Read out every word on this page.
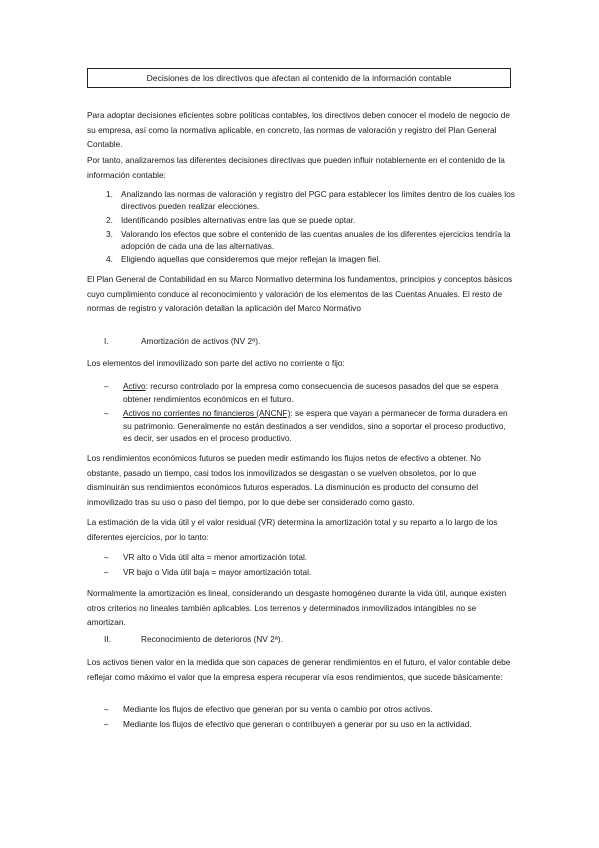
Decisiones de los directivos que afectan al contenido de la información contable

Para adoptar decisiones eficientes sobre políticas contables, los directivos deben conocer el modelo de negocio de su empresa, así como la normativa aplicable, en concreto, las normas de valoración y registro del Plan General Contable.

Por tanto, analizaremos las diferentes decisiones directivas que pueden influir notablemente en el contenido de la información contable:

1. Analizando las normas de valoración y registro del PGC para establecer los límites dentro de los cuales los directivos pueden realizar elecciones.
2. Identificando posibles alternativas entre las que se puede optar.
3. Valorando los efectos que sobre el contenido de las cuentas anuales de los diferentes ejercicios tendría la adopción de cada una de las alternativas.
4. Eligiendo aquellas que consideremos que mejor reflejan la imagen fiel.

El Plan General de Contabilidad en su Marco Normativo determina los fundamentos, principios y conceptos básicos cuyo cumplimiento conduce al reconocimiento y valoración de los elementos de las Cuentas Anuales. El resto de normas de registro y valoración detallan la aplicación del Marco Normativo

I.	Amortización de activos (NV 2ª).

Los elementos del inmovilizado son parte del activo no corriente o fijo:

– Activo: recurso controlado por la empresa como consecuencia de sucesos pasados del que se espera obtener rendimientos económicos en el futuro.
– Activos no corrientes no financieros (ANCNF): se espera que vayan a permanecer de forma duradera en su patrimonio. Generalmente no están destinados a ser vendidos, sino a soportar el proceso productivo, es decir, ser usados en el proceso productivo.

Los rendimientos económicos futuros se pueden medir estimando los flujos netos de efectivo a obtener. No obstante, pasado un tiempo, casi todos los inmovilizados se desgastan o se vuelven obsoletos, por lo que disminuirán sus rendimientos económicos futuros esperados. La disminución es producto del consumo del inmovilizado tras su uso o paso del tiempo, por lo que debe ser considerado como gasto.

La estimación de la vida útil y el valor residual (VR) determina la amortización total y su reparto a lo largo de los diferentes ejercicios, por lo tanto:

– VR alto o Vida útil alta = menor amortización total.
– VR bajo o Vida útil baja = mayor amortización total.

Normalmente la amortización es lineal, considerando un desgaste homogéneo durante la vida útil, aunque existen otros criterios no lineales también aplicables. Los terrenos y determinados inmovilizados intangibles no se amortizan.

II.	Reconocimiento de deterioros (NV 2ª).

Los activos tienen valor en la medida que son capaces de generar rendimientos en el futuro, el valor contable debe reflejar como máximo el valor que la empresa espera recuperar vía esos rendimientos, que sucede básicamente:

– Mediante los flujos de efectivo que generan por su venta o cambio por otros activos.
– Mediante los flujos de efectivo que generan o contribuyen a generar por su uso en la actividad.
